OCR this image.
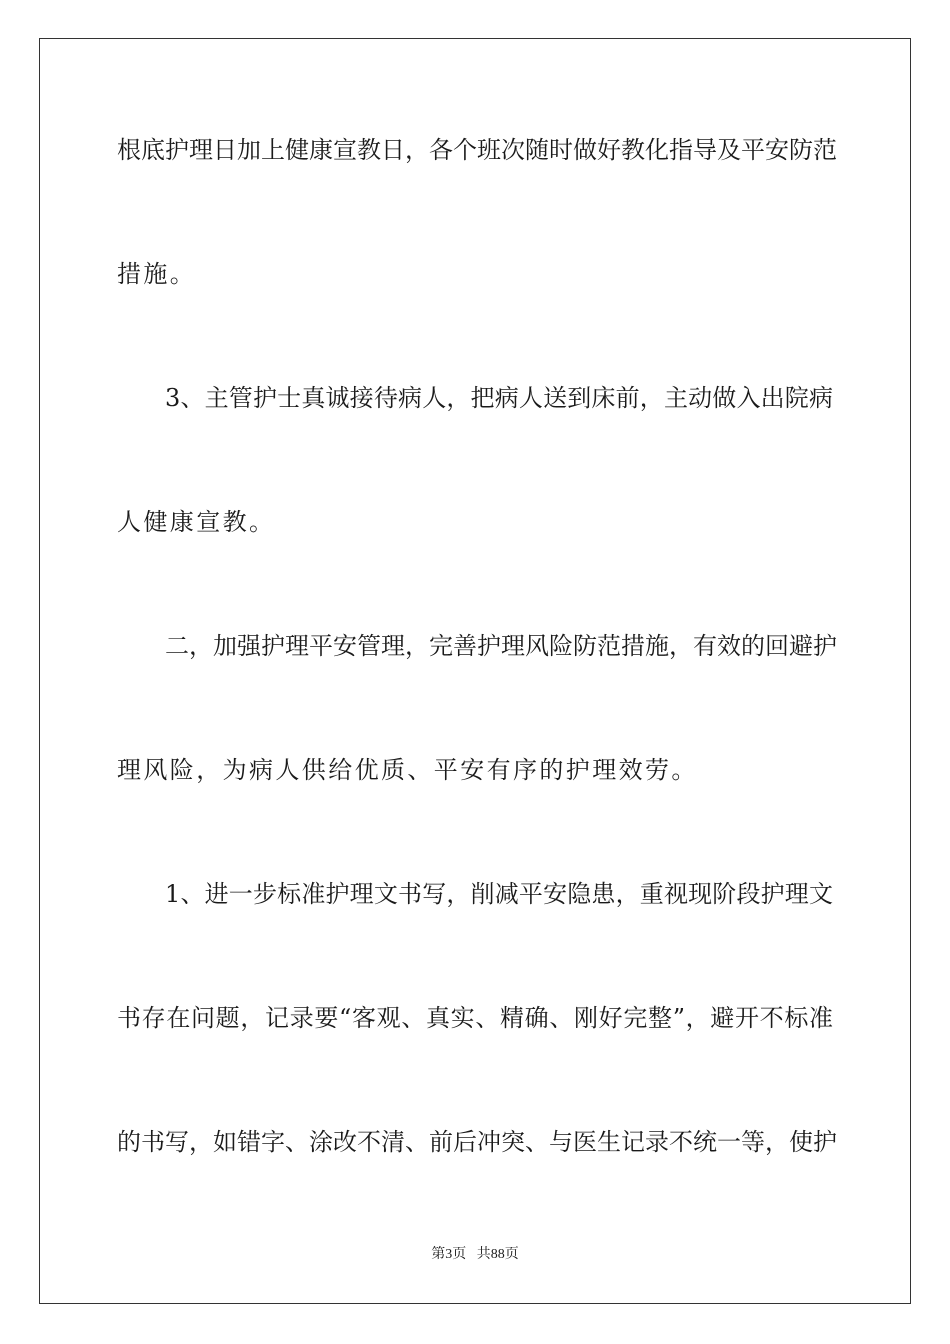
根底护理日加上健康宣教日，各个班次随时做好教化指导及平安防范
措施。
3、主管护士真诚接待病人，把病人送到床前，主动做入出院病
人健康宣教。
二，加强护理平安管理，完善护理风险防范措施，有效的回避护
理风险，为病人供给优质、平安有序的护理效劳。
1、进一步标准护理文书写，削减平安隐患，重视现阶段护理文
书存在问题，记录要“客观、真实、精确、刚好完整”，避开不标准
的书写，如错字、涂改不清、前后冲突、与医生记录不统一等，使护
第3页 共88页
